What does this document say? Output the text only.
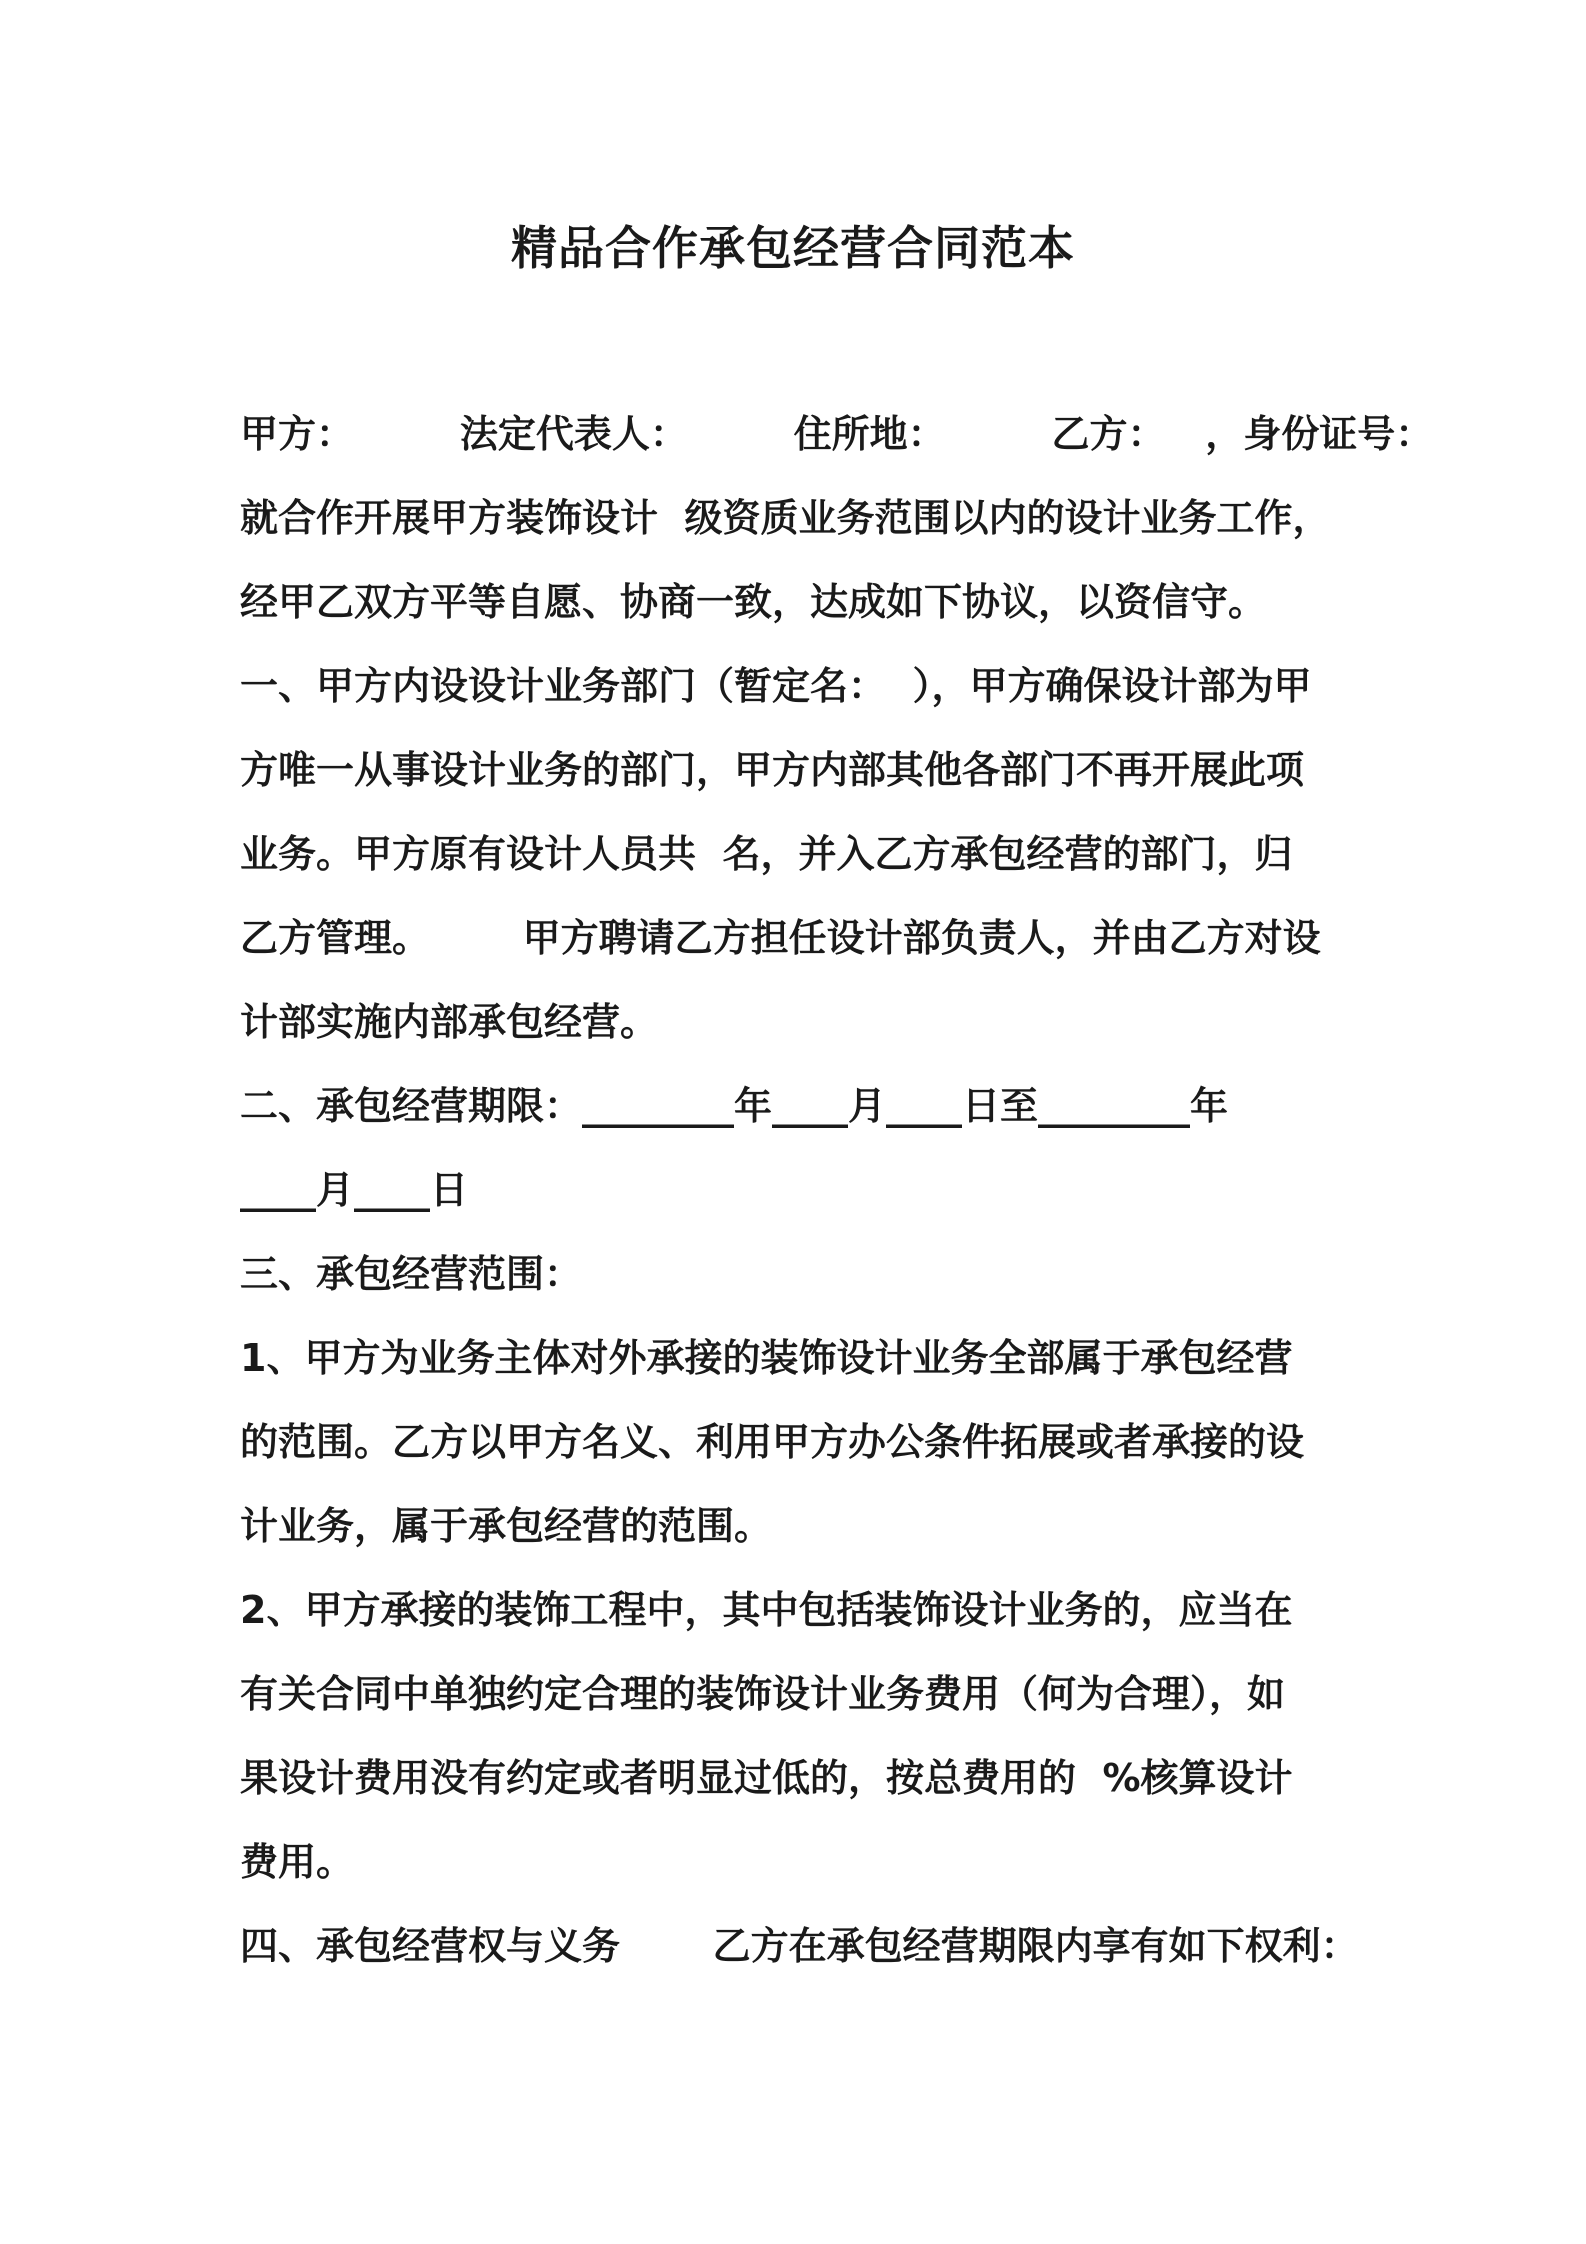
精品合作承包经营合同范本
甲方：        法定代表人：        住所地：        乙方：   ，身份证号：
就合作开展甲方装饰设计  级资质业务范围以内的设计业务工作，
经甲乙双方平等自愿、协商一致，达成如下协议，以资信守。
一、甲方内设设计业务部门（暂定名：  ），甲方确保设计部为甲
方唯一从事设计业务的部门，甲方内部其他各部门不再开展此项
业务。甲方原有设计人员共  名，并入乙方承包经营的部门，归
乙方管理。       甲方聘请乙方担任设计部负责人，并由乙方对设
计部实施内部承包经营。
二、承包经营期限：________年____月____日至________年
____月____日
三、承包经营范围：
1、甲方为业务主体对外承接的装饰设计业务全部属于承包经营
的范围。乙方以甲方名义、利用甲方办公条件拓展或者承接的设
计业务，属于承包经营的范围。
2、甲方承接的装饰工程中，其中包括装饰设计业务的，应当在
有关合同中单独约定合理的装饰设计业务费用（何为合理），如
果设计费用没有约定或者明显过低的，按总费用的  %核算设计
费用。
四、承包经营权与义务       乙方在承包经营期限内享有如下权利：
